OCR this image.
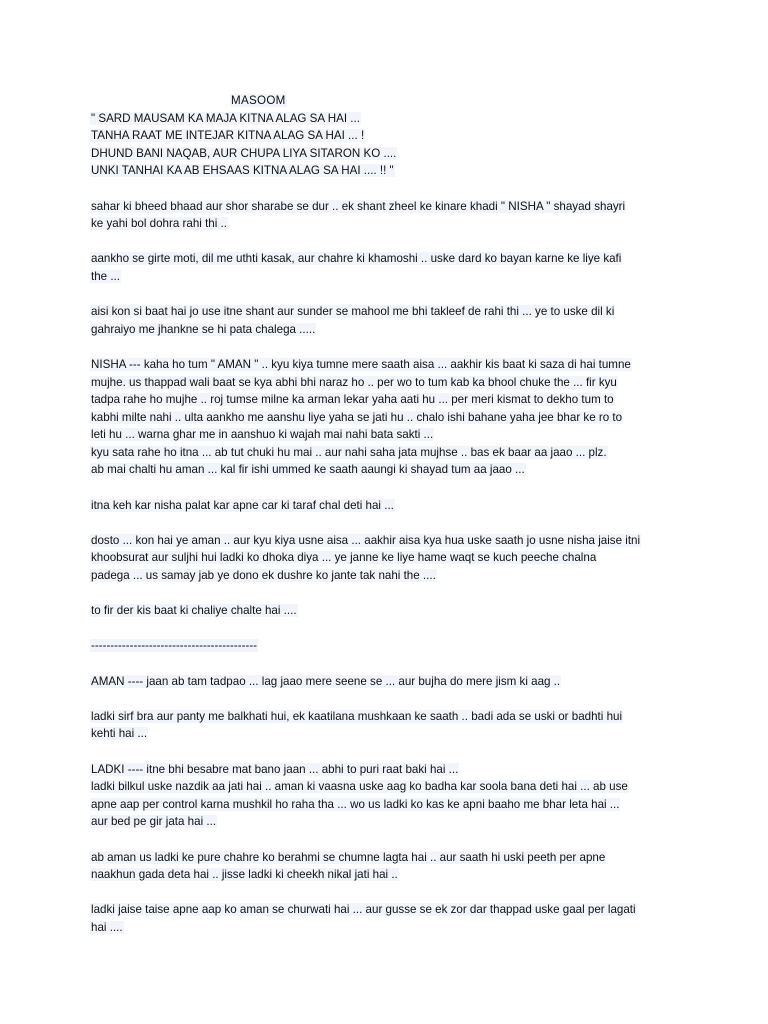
MASOOM
" SARD MAUSAM KA MAJA KITNA ALAG SA HAI ...
TANHA RAAT ME INTEJAR KITNA ALAG SA HAI ... !
DHUND BANI NAQAB, AUR CHUPA LIYA SITARON KO ....
UNKI TANHAI KA AB EHSAAS KITNA ALAG SA HAI .... !! "
sahar ki bheed bhaad aur shor sharabe se dur .. ek shant zheel ke kinare khadi " NISHA " shayad shayri
ke yahi bol dohra rahi thi ..
aankho se girte moti, dil me uthti kasak, aur chahre ki khamoshi .. uske dard ko bayan karne ke liye kafi
the ...
aisi kon si baat hai jo use itne shant aur sunder se mahool me bhi takleef de rahi thi ... ye to uske dil ki
gahraiyo me jhankne se hi pata chalega .....
NISHA --- kaha ho tum " AMAN " .. kyu kiya tumne mere saath aisa ... aakhir kis baat ki saza di hai tumne
mujhe. us thappad wali baat se kya abhi bhi naraz ho .. per wo to tum kab ka bhool chuke the ... fir kyu
tadpa rahe ho mujhe .. roj tumse milne ka arman lekar yaha aati hu ... per meri kismat to dekho tum to
kabhi milte nahi .. ulta aankho me aanshu liye yaha se jati hu .. chalo ishi bahane yaha jee bhar ke ro to
leti hu ... warna ghar me in aanshuo ki wajah mai nahi bata sakti ...
kyu sata rahe ho itna ... ab tut chuki hu mai .. aur nahi saha jata mujhse .. bas ek baar aa jaao ... plz.
ab mai chalti hu aman ... kal fir ishi ummed ke saath aaungi ki shayad tum aa jaao ...
itna keh kar nisha palat kar apne car ki taraf chal deti hai ...
dosto ... kon hai ye aman .. aur kyu kiya usne aisa ... aakhir aisa kya hua uske saath jo usne nisha jaise itni
khoobsurat aur suljhi hui ladki ko dhoka diya ... ye janne ke liye hame waqt se kuch peeche chalna
padega ... us samay jab ye dono ek dushre ko jante tak nahi the ....
to fir der kis baat ki chaliye chalte hai ....
-------------------------------------------
AMAN ---- jaan ab tam tadpao ... lag jaao mere seene se ... aur bujha do mere jism ki aag ..
ladki sirf bra aur panty me balkhati hui, ek kaatilana mushkaan ke saath .. badi ada se uski or badhti hui
kehti hai ...
LADKI ---- itne bhi besabre mat bano jaan ... abhi to puri raat baki hai ...
ladki bilkul uske nazdik aa jati hai .. aman ki vaasna uske aag ko badha kar soola bana deti hai ... ab use
apne aap per control karna mushkil ho raha tha ... wo us ladki ko kas ke apni baaho me bhar leta hai ...
aur bed pe gir jata hai ...
ab aman us ladki ke pure chahre ko berahmi se chumne lagta hai .. aur saath hi uski peeth per apne
naakhun gada deta hai .. jisse ladki ki cheekh nikal jati hai ..
ladki jaise taise apne aap ko aman se churwati hai ... aur gusse se ek zor dar thappad uske gaal per lagati
hai ....
